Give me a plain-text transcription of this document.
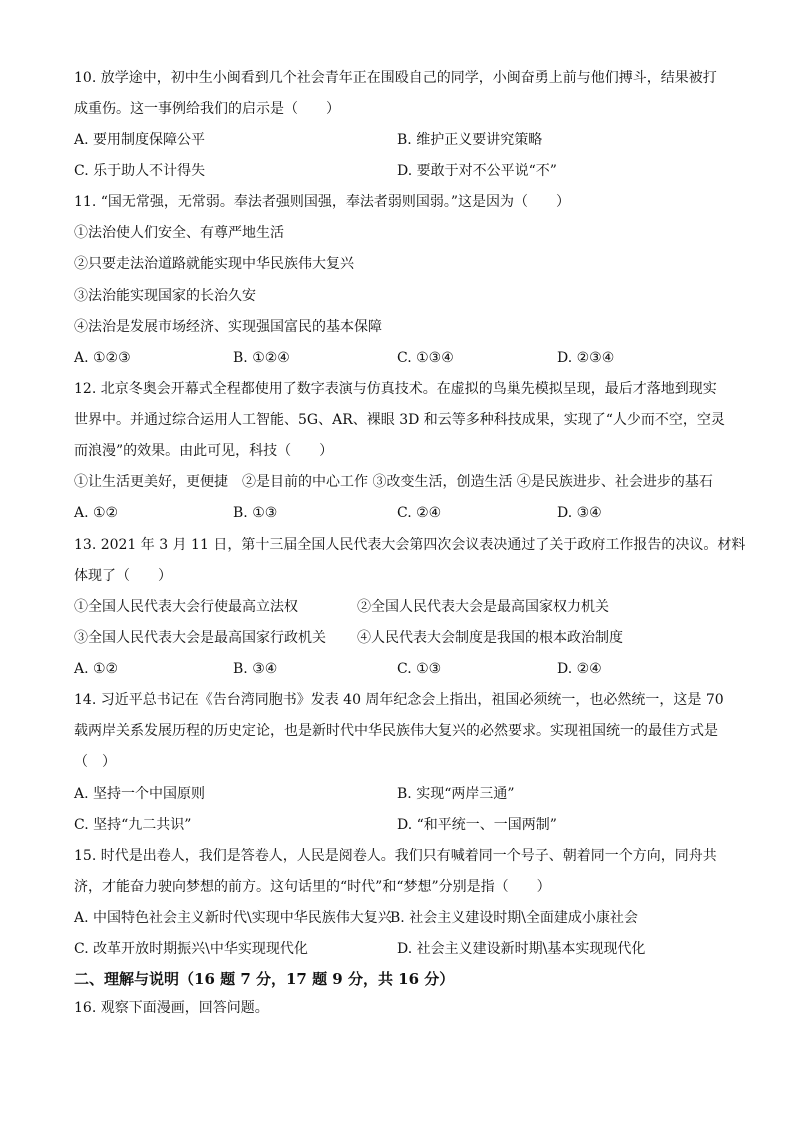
10. 放学途中，初中生小闽看到几个社会青年正在围殴自己的同学，小闽奋勇上前与他们搏斗，结果被打
成重伤。这一事例给我们的启示是（　　）
A. 要用制度保障公平	B. 维护正义要讲究策略
C. 乐于助人不计得失	D. 要敢于对不公平说“不”
11. “国无常强，无常弱。奉法者强则国强，奉法者弱则国弱。”这是因为（　　）
①法治使人们安全、有尊严地生活
②只要走法治道路就能实现中华民族伟大复兴
③法治能实现国家的长治久安
④法治是发展市场经济、实现强国富民的基本保障
A. ①②③	B. ①②④	C. ①③④	D. ②③④
12. 北京冬奥会开幕式全程都使用了数字表演与仿真技术。在虚拟的鸟巢先模拟呈现，最后才落地到现实
世界中。并通过综合运用人工智能、5G、AR、裸眼 3D 和云等多种科技成果，实现了“人少而不空，空灵
而浪漫”的效果。由此可见，科技（　　）
①让生活更美好，更便捷　②是目前的中心工作 ③改变生活，创造生活 ④是民族进步、社会进步的基石
A. ①②	B. ①③	C. ②④	D. ③④
13. 2021 年 3 月 11 日，第十三届全国人民代表大会第四次会议表决通过了关于政府工作报告的决议。材料
体现了（　　）
①全国人民代表大会行使最高立法权	②全国人民代表大会是最高国家权力机关
③全国人民代表大会是最高国家行政机关 ④人民代表大会制度是我国的根本政治制度
A. ①②	B. ③④	C. ①③	D. ②④
14. 习近平总书记在《告台湾同胞书》发表 40 周年纪念会上指出，祖国必须统一，也必然统一，这是 70
载两岸关系发展历程的历史定论，也是新时代中华民族伟大复兴的必然要求。实现祖国统一的最佳方式是
（　）
A. 坚持一个中国原则	B. 实现“两岸三通”
C. 坚持“九二共识”	D. “和平统一、一国两制”
15. 时代是出卷人，我们是答卷人，人民是阅卷人。我们只有喊着同一个号子、朝着同一个方向，同舟共
济，才能奋力驶向梦想的前方。这句话里的“时代”和“梦想”分别是指（　　）
A. 中国特色社会主义新时代\实现中华民族伟大复兴
B. 社会主义建设时期\全面建成小康社会
C. 改革开放时期振兴\中华实现现代化	D. 社会主义建设新时期\基本实现现代化
二、理解与说明（16 题 7 分，17 题 9 分，共 16 分）
16. 观察下面漫画，回答问题。
